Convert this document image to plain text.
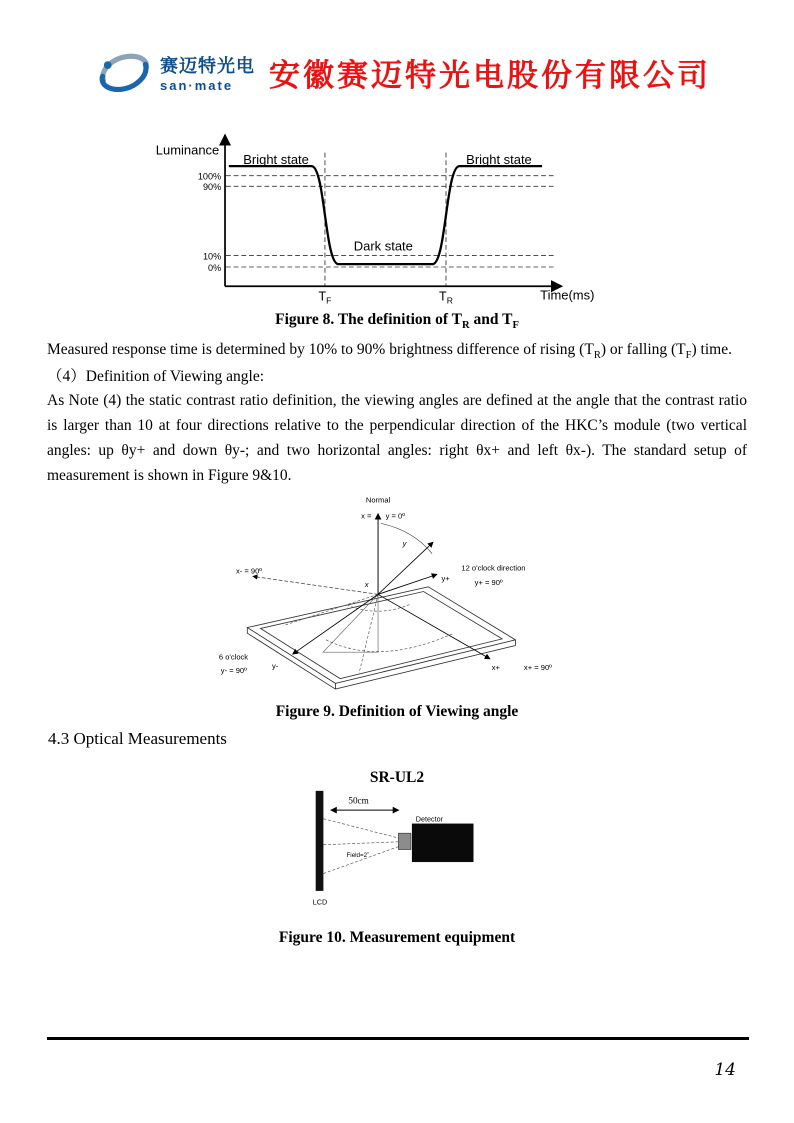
赛迈特光电
san·mate	安徽赛迈特光电股份有限公司
Luminance
Time(ms)
Bright state	Bright state
Dark state
100%
90%
10%
0%
$T_F$	$T_R$
Figure 8. The definition of $T_R$ and $T_F$
Measured response time is determined by 10% to 90% brightness difference of rising $(T_R)$ or falling $(T_F)$ time.
（4）Definition of Viewing angle:
As Note (4) the static contrast ratio definition, the viewing angles are defined at the angle that the contrast ratio is larger than 10 at four directions relative to the perpendicular direction of the HKC’s module (two vertical angles: up θy+ and down θy-; and two horizontal angles: right θx+ and left θx-). The standard setup of measurement is shown in Figure 9&10.
Normal
x = y = 0º
x- = 90º	12 o'clock direction
y+ = 90º
y+
6 o'clock
y- = 90º
y-	x+	x+ = 90º
y
x
Figure 9. Definition of Viewing angle
4.3 Optical Measurements
SR-UL2
50cm
Field=2˚
Detector
LCD
Figure 10. Measurement equipment
14
